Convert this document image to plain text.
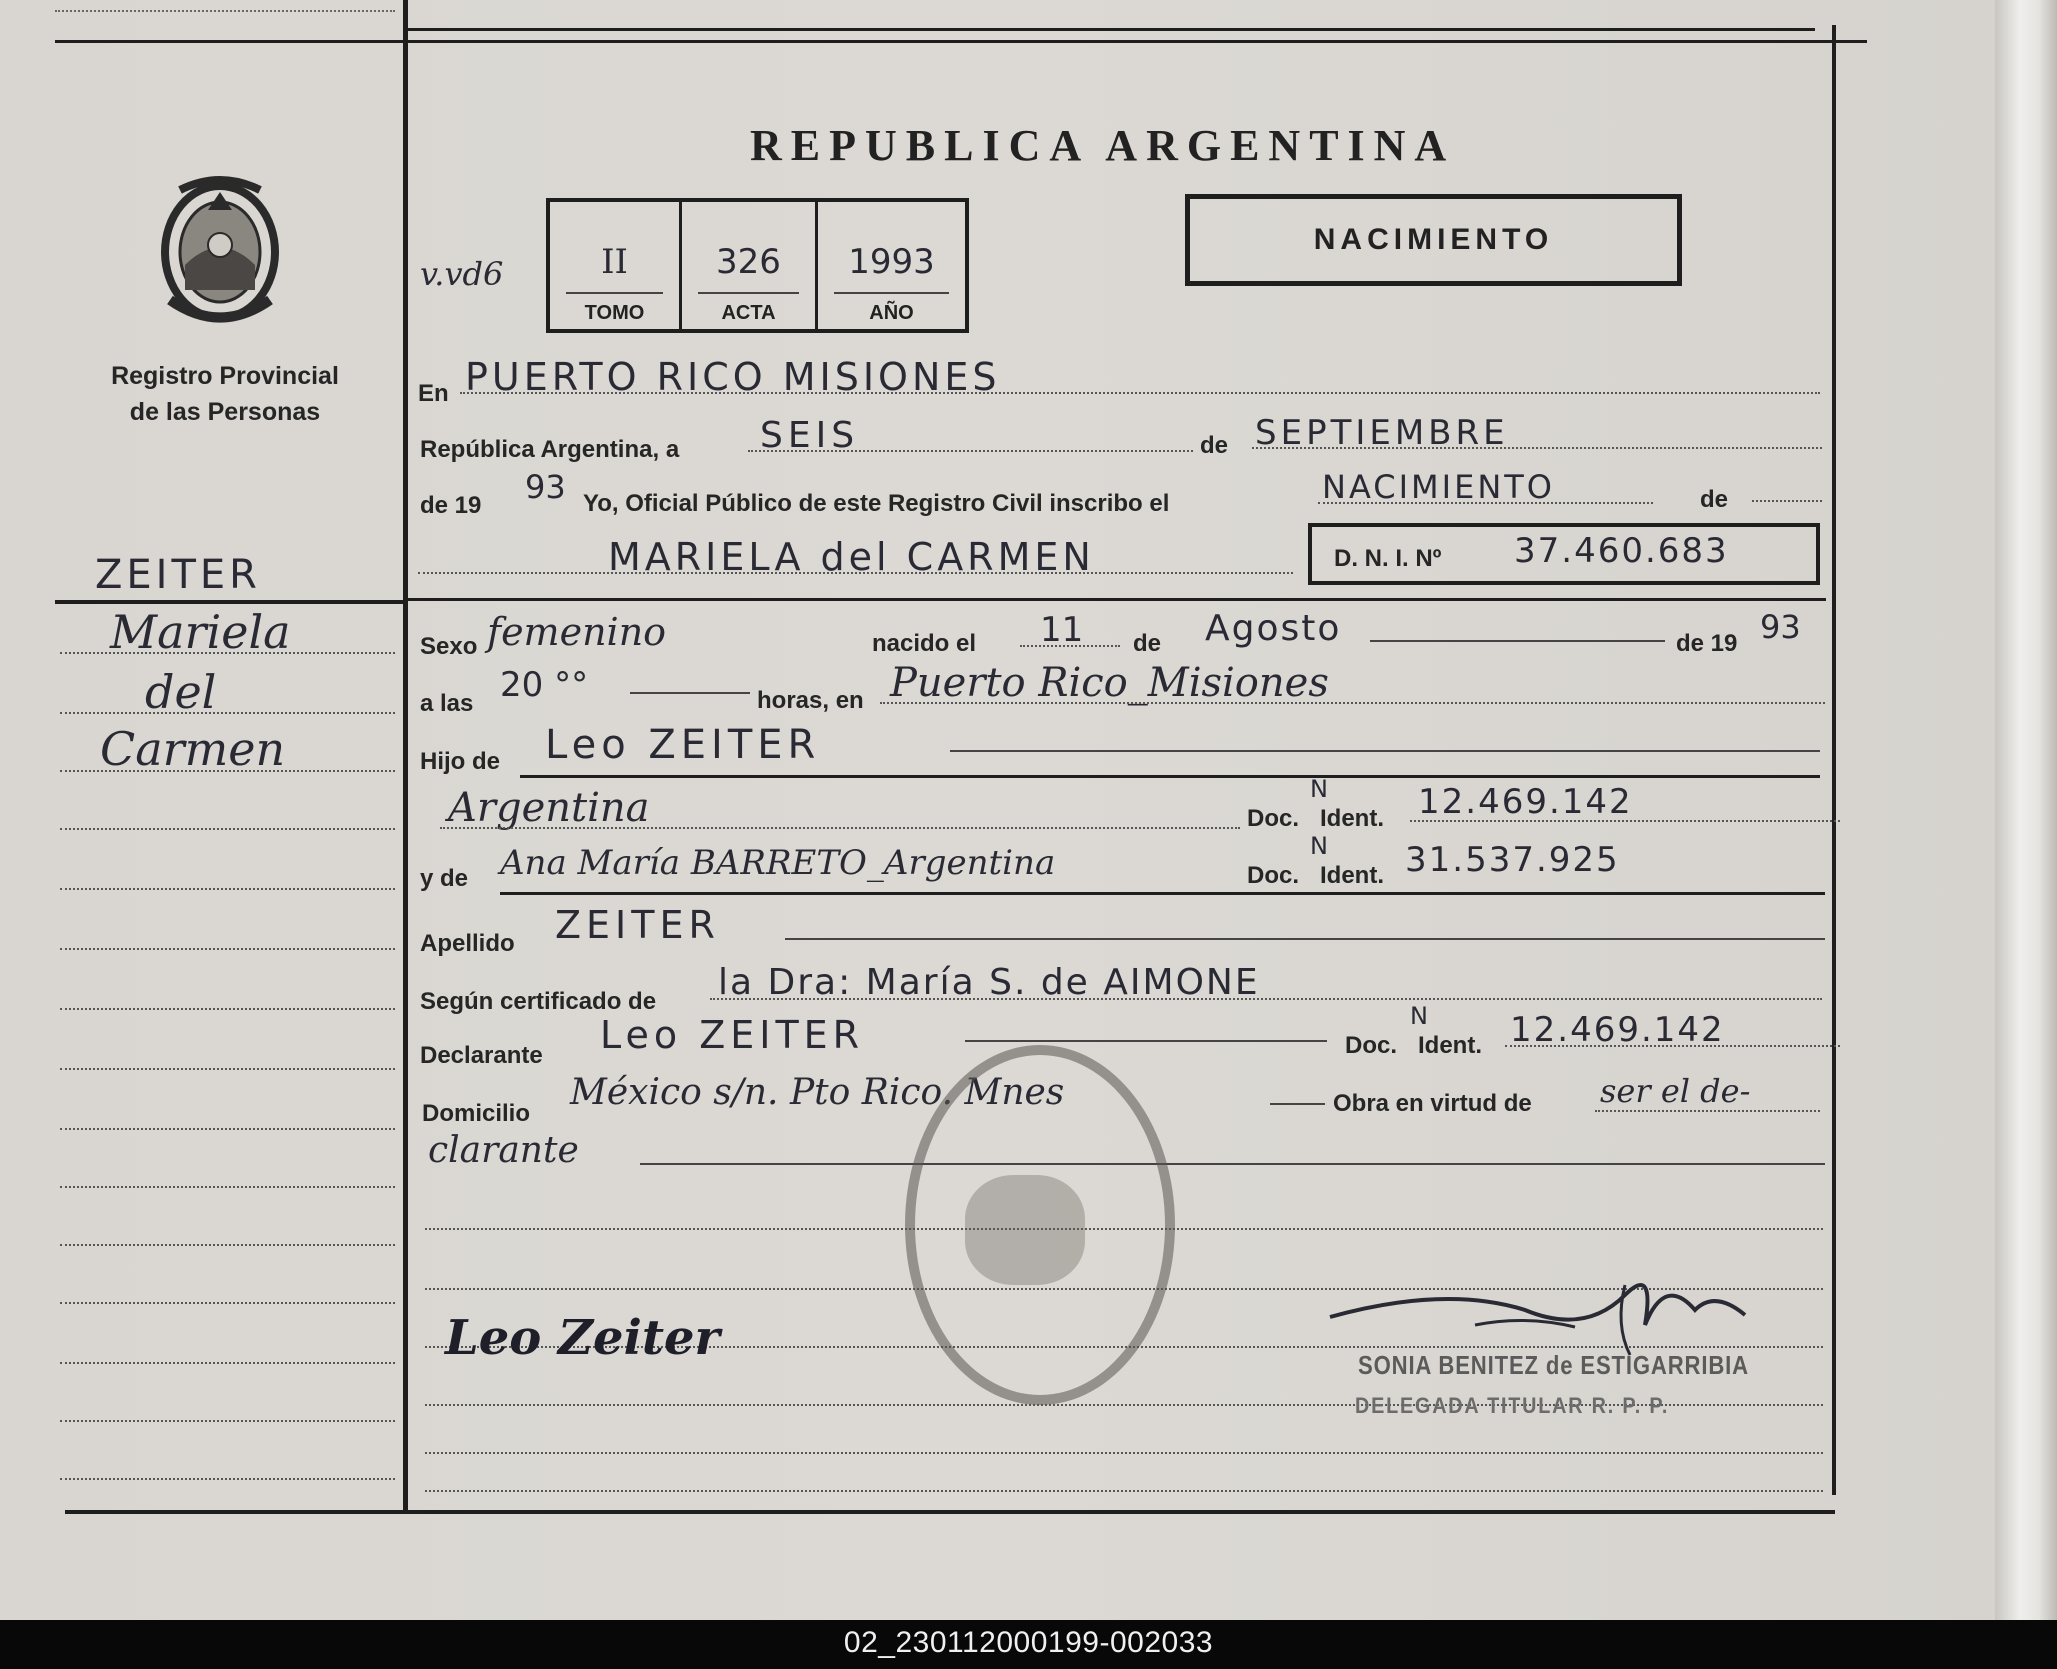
REPUBLICA ARGENTINA
NACIMIENTO
v.vd6	II
TOMO
326
ACTA
1993
AÑO
Registro Provincial
de las Personas
ZEITER
Mariela
del
Carmen
En PUERTO RICO MISIONES
República Argentina, a SEIS	de SEPTIEMBRE
de 19 93 Yo, Oficial Público de este Registro Civil inscribo el	NACIMIENTO	de
MARIELA del CARMEN	D. N. I. Nº 37.460.683
Sexo femenino	nacido el 11 de Agosto	de 19 93
a las 20 °°	horas, en Puerto Rico_Misiones
Hijo de Leo ZEITER
Argentina	Doc.
N
Ident. 12.469.142
y de Ana María BARRETO_Argentina	Doc.
N
Ident. 31.537.925
Apellido ZEITER
Según certificado de la Dra: María S. de AIMONE
Declarante Leo ZEITER	Doc.
N
Ident. 12.469.142
Domicilio
México s/n. Pto Rico. Mnes	Obra en virtud de ser el de-
clarante
Leo Zeiter	SONIA BENITEZ de ESTIGARRIBIA
DELEGADA TITULAR R. P. P.
02_230112000199-002033
